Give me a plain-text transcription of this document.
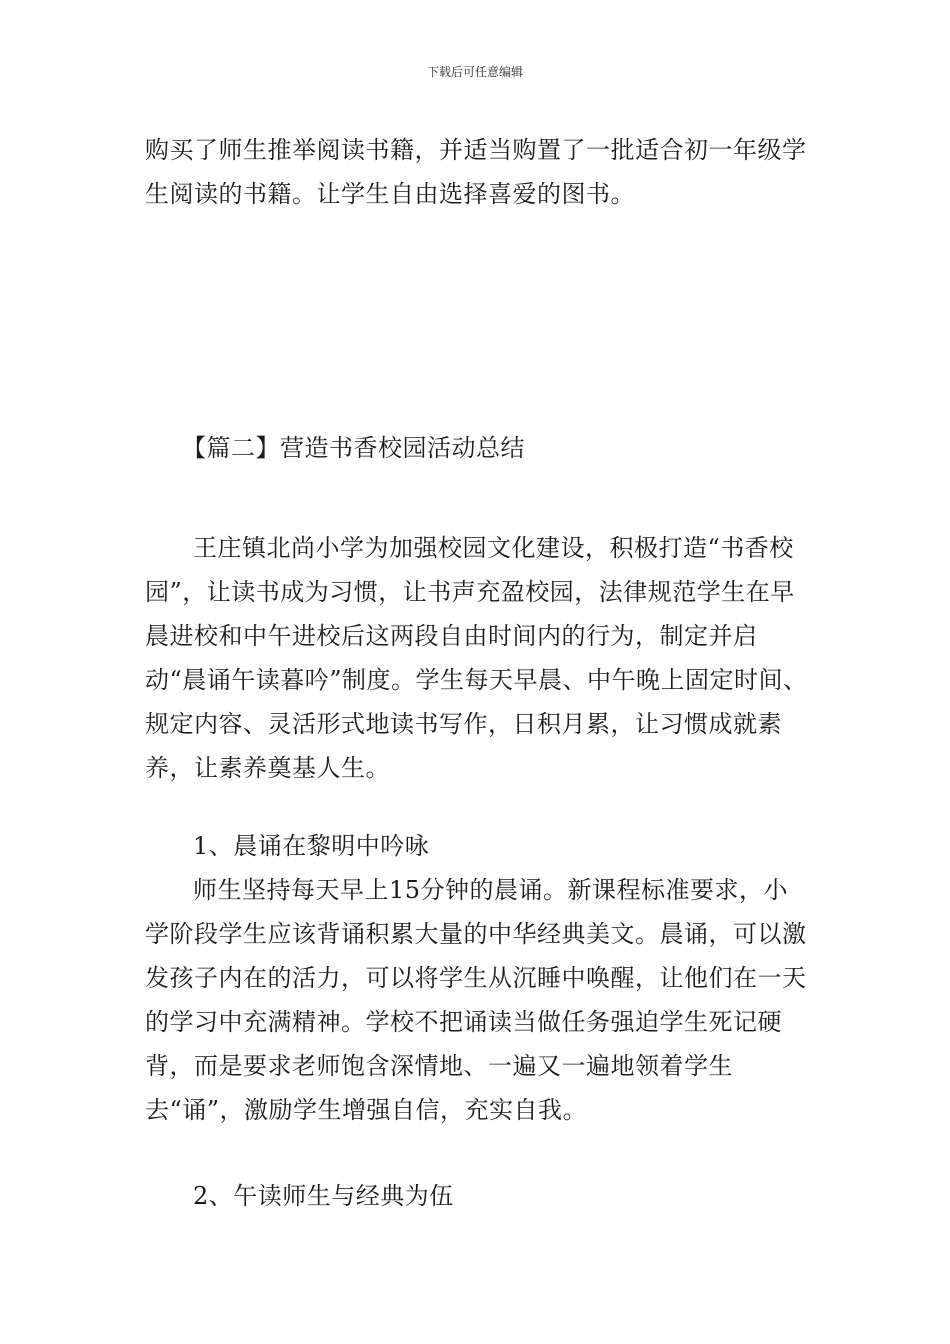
下载后可任意编辑

购买了师生推举阅读书籍，并适当购置了一批适合初一年级学生阅读的书籍。让学生自由选择喜爱的图书。

【篇二】营造书香校园活动总结

王庄镇北尚小学为加强校园文化建设，积极打造“书香校园”，让读书成为习惯，让书声充盈校园，法律规范学生在早晨进校和中午进校后这两段自由时间内的行为，制定并启动“晨诵午读暮吟”制度。学生每天早晨、中午晚上固定时间、规定内容、灵活形式地读书写作，日积月累，让习惯成就素养，让素养奠基人生。

1、晨诵在黎明中吟咏

师生坚持每天早上15分钟的晨诵。新课程标准要求，小学阶段学生应该背诵积累大量的中华经典美文。晨诵，可以激发孩子内在的活力，可以将学生从沉睡中唤醒，让他们在一天的学习中充满精神。学校不把诵读当做任务强迫学生死记硬背，而是要求老师饱含深情地、一遍又一遍地领着学生去“诵”，激励学生增强自信，充实自我。

2、午读师生与经典为伍
